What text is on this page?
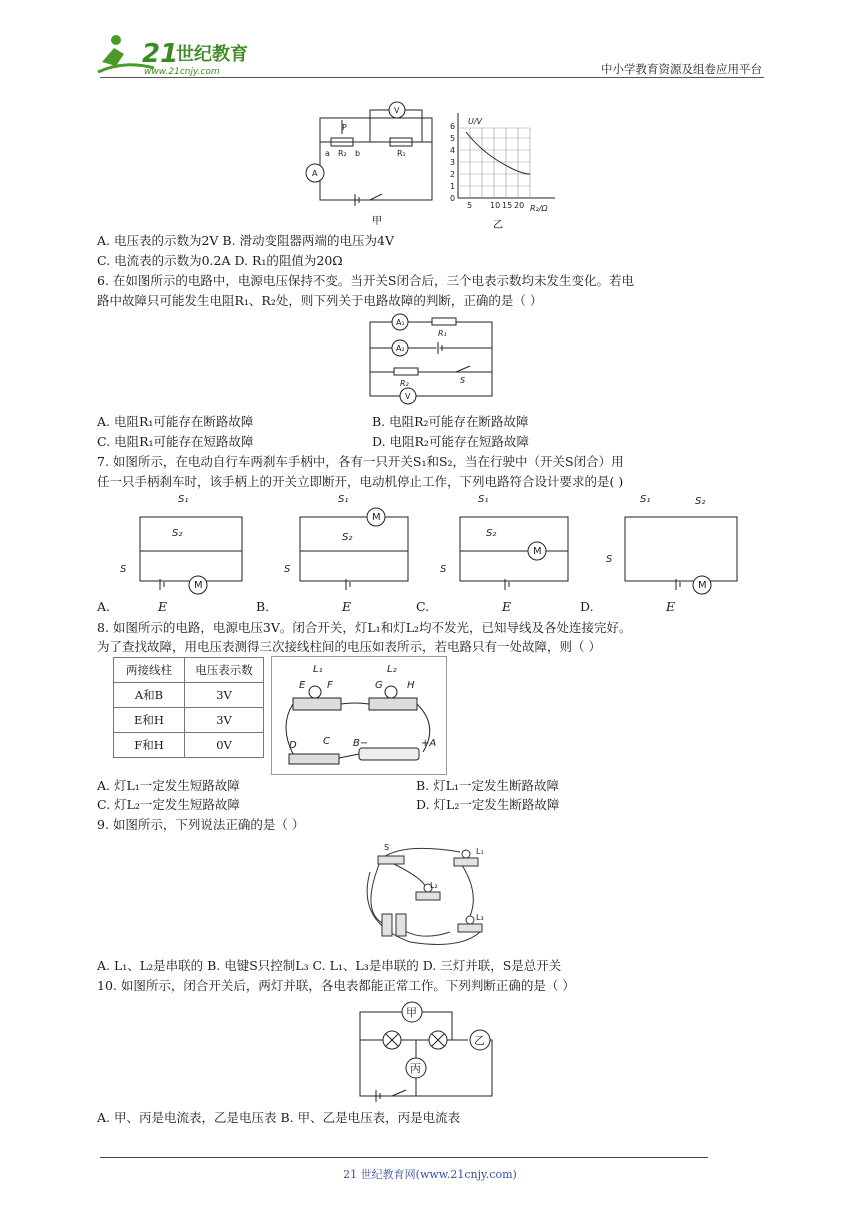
21
世纪教育
www.21cnjy.com	中小学教育资源及组卷应用平台
P
R₂
a	b	R₁
V
A
U/V
R₂/Ω
0
1
2
3
4
5
6
5 10 15 20
甲	乙
A. 电压表的示数为2V B. 滑动变阻器两端的电压为4V
C. 电流表的示数为0.2A D. R₁的阻值为20Ω
6. 在如图所示的电路中，电源电压保持不变。当开关S闭合后，三个电表示数均未发生变化。若电
路中故障只可能发生电阻R₁、R₂处，则下列关于电路故障的判断，正确的是（ ）
A₁
A₂
V
R₁
R₂	S
A. 电阻R₁可能存在断路故障	B. 电阻R₂可能存在断路故障
C. 电阻R₁可能存在短路故障	D. 电阻R₂可能存在短路故障
7. 如图所示，在电动自行车两刹车手柄中，各有一只开关S₁和S₂，当在行驶中（开关S闭合）用
任一只手柄刹车时，该手柄上的开关立即断开，电动机停止工作，下列电路符合设计要求的是( )
S₁
S₂
S
M
S₁
S₂
S
M
S₁
S₂
S
M
S₁	S₂
S
M
A.	E	B．	E	C.	E	D.	E
8. 如图所示的电路，电源电压3V。闭合开关，灯L₁和灯L₂均不发光，已知导线及各处连接完好。
为了查找故障，用电压表测得三次接线柱间的电压如表所示，若电路只有一处故障，则（ ）
两接线柱	电压表示数
A和B	3V
E和H	3V
F和H	0V
L₁	L₂
E F	G H
D	C B−	+A
A. 灯L₁一定发生短路故障	B. 灯L₁一定发生断路故障
C. 灯L₂一定发生短路故障	D. 灯L₂一定发生断路故障
9. 如图所示，下列说法正确的是（ ）
S	L₁
L₂
L₃
A. L₁、L₂是串联的 B. 电键S只控制L₃ C. L₁、L₃是串联的 D. 三灯并联，S是总开关
10. 如图所示，闭合开关后，两灯并联，各电表都能正常工作。下列判断正确的是（ ）
甲
乙
丙
A. 甲、丙是电流表，乙是电压表 B. 甲、乙是电压表，丙是电流表
21 世纪教育网(www.21cnjy.com)
